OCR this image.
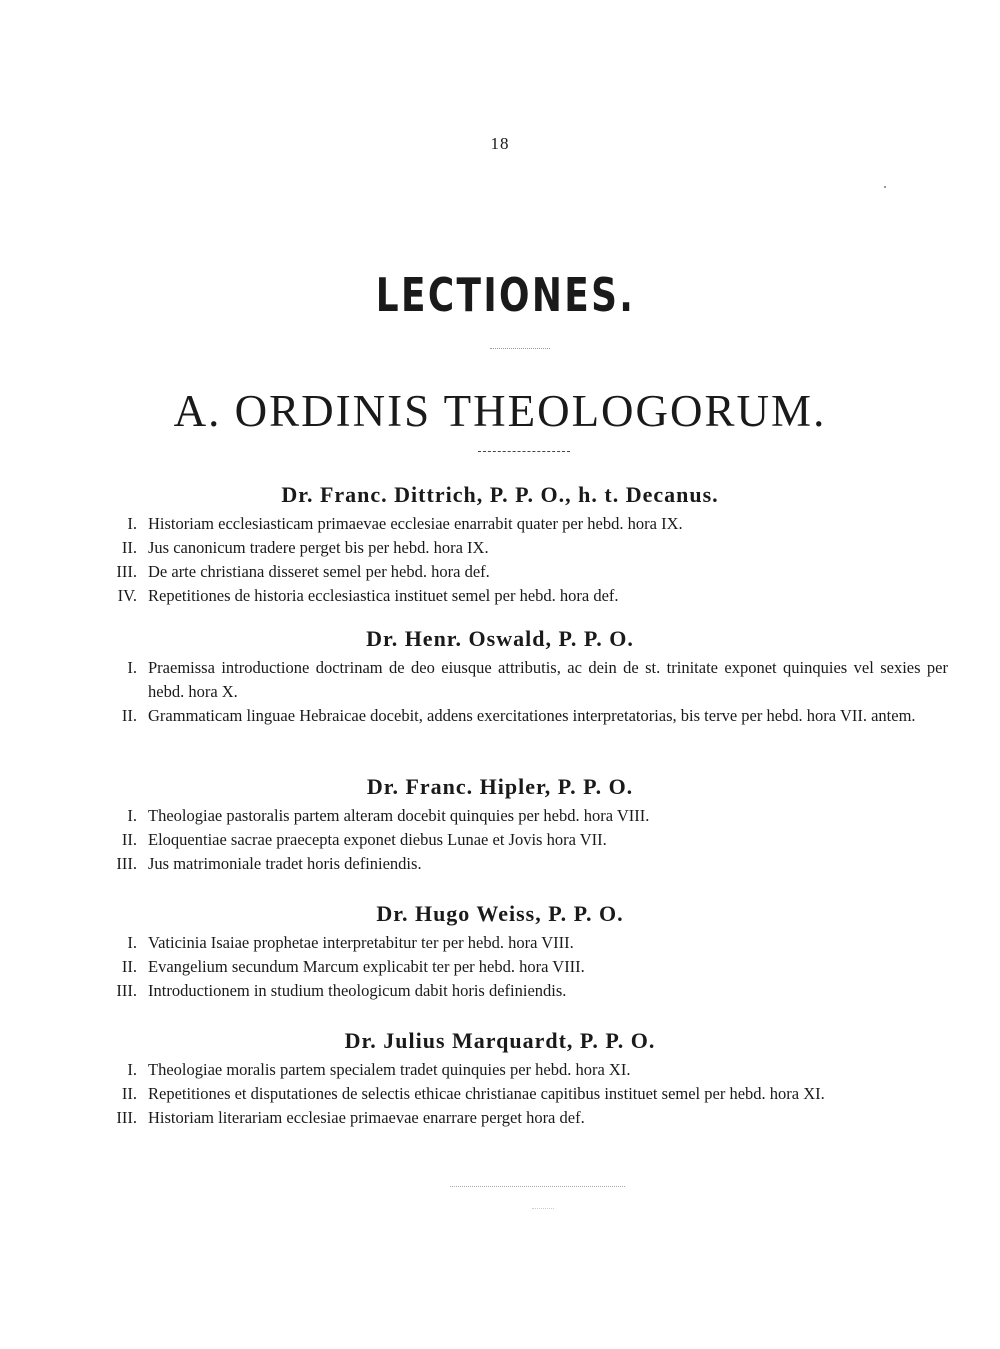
18
LECTIONES.
A. ORDINIS THEOLOGORUM.
Dr. Franc. Dittrich, P. P. O., h. t. Decanus.
I. Historiam ecclesiasticam primaevae ecclesiae enarrabit quater per hebd. hora IX.
II. Jus canonicum tradere perget bis per hebd. hora IX.
III. De arte christiana disseret semel per hebd. hora def.
IV. Repetitiones de historia ecclesiastica instituet semel per hebd. hora def.
Dr. Henr. Oswald, P. P. O.
I. Praemissa introductione doctrinam de deo eiusque attributis, ac dein de st. trinitate exponet quinquies vel sexies per hebd. hora X.
II. Grammaticam linguae Hebraicae docebit, addens exercitationes interpretatorias, bis terve per hebd. hora VII. antem.
Dr. Franc. Hipler, P. P. O.
I. Theologiae pastoralis partem alteram docebit quinquies per hebd. hora VIII.
II. Eloquentiae sacrae praecepta exponet diebus Lunae et Jovis hora VII.
III. Jus matrimoniale tradet horis definiendis.
Dr. Hugo Weiss, P. P. O.
I. Vaticinia Isaiae prophetae interpretabitur ter per hebd. hora VIII.
II. Evangelium secundum Marcum explicabit ter per hebd. hora VIII.
III. Introductionem in studium theologicum dabit horis definiendis.
Dr. Julius Marquardt, P. P. O.
I. Theologiae moralis partem specialem tradet quinquies per hebd. hora XI.
II. Repetitiones et disputationes de selectis ethicae christianae capitibus instituet semel per hebd. hora XI.
III. Historiam literariam ecclesiae primaevae enarrare perget hora def.
